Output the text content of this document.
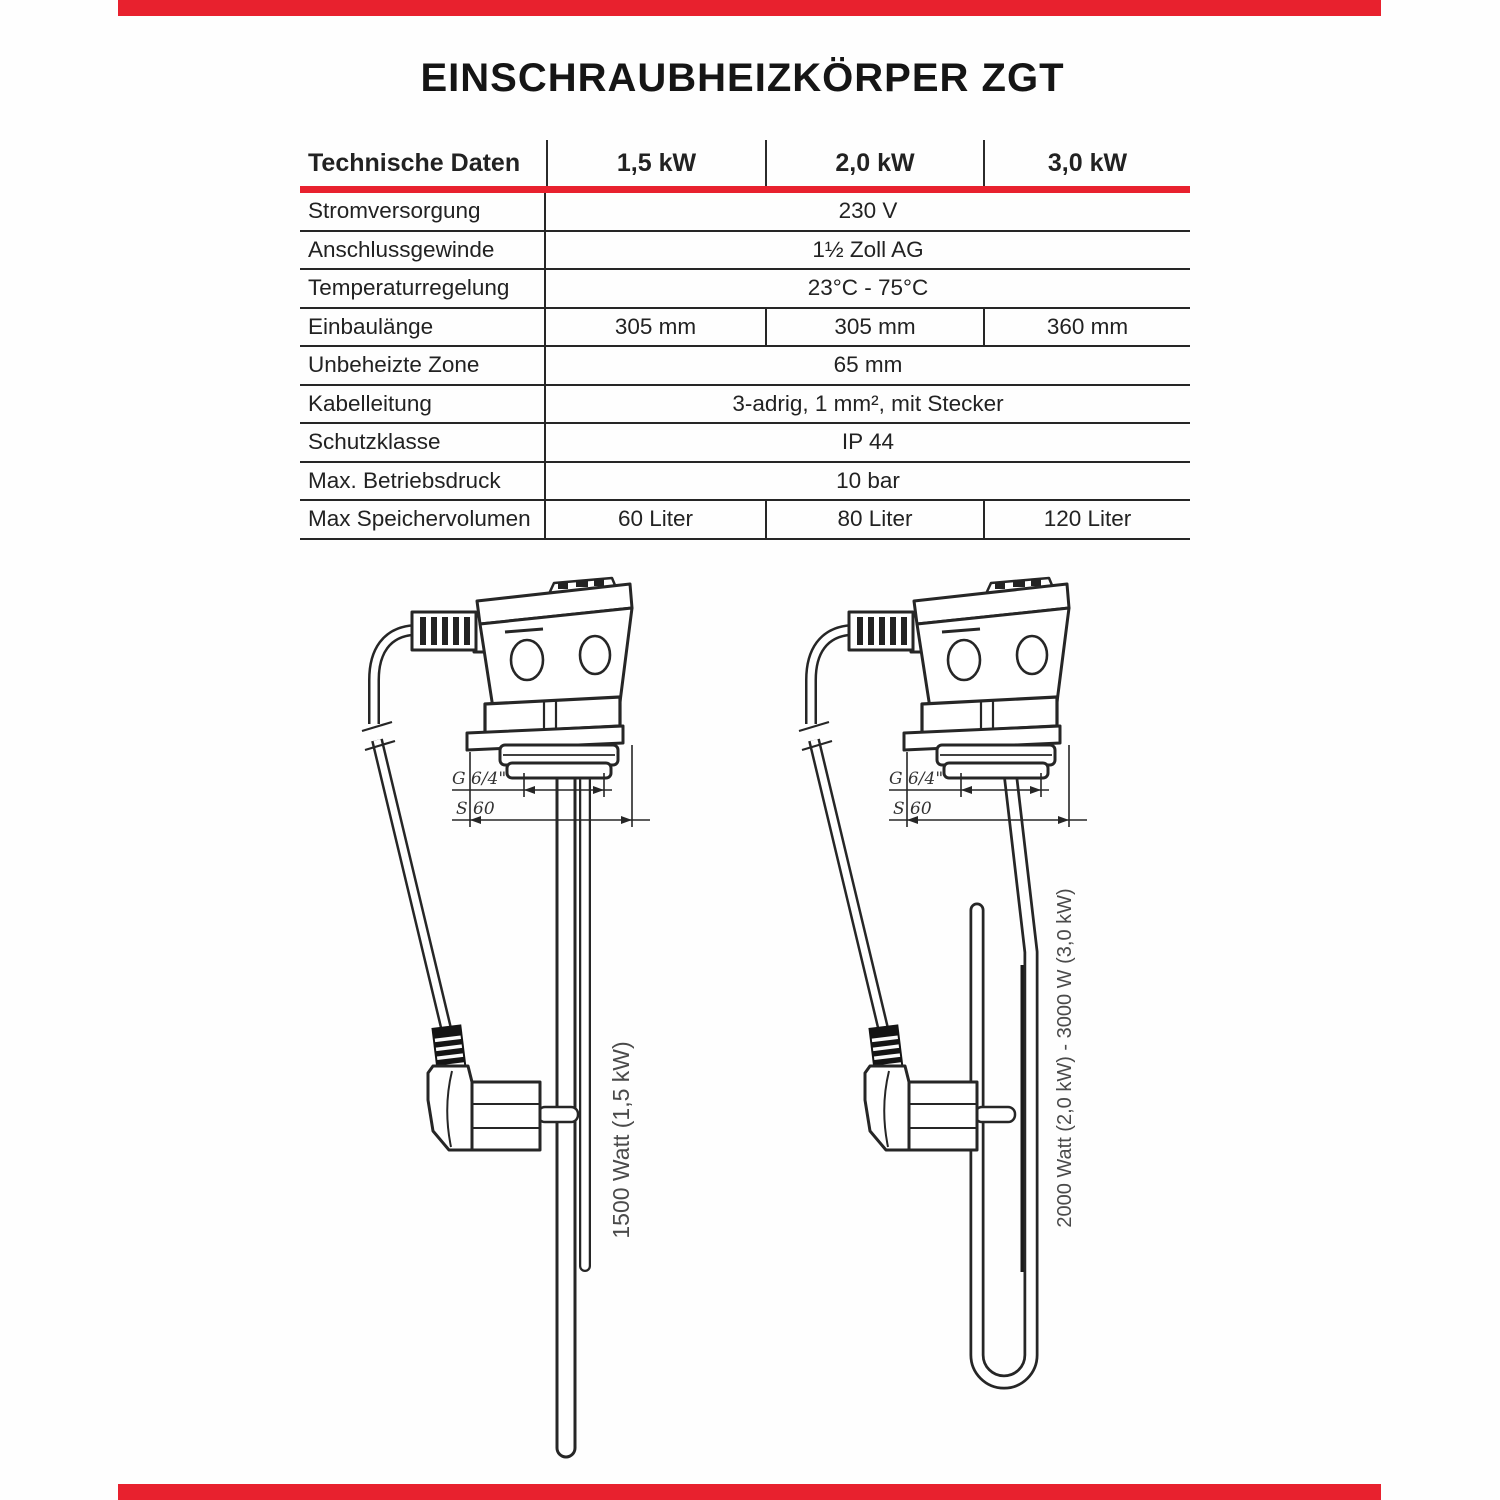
EINSCHRAUBHEIZKÖRPER ZGT
Technische Daten	1,5 kW	2,0 kW	3,0 kW
Stromversorgung	230 V
Anschlussgewinde	1½ Zoll AG
Temperaturregelung	23°C - 75°C
Einbaulänge	305 mm	305 mm	360 mm
Unbeheizte Zone	65 mm
Kabelleitung	3-adrig, 1 mm², mit Stecker
Schutzklasse	IP 44
Max. Betriebsdruck	10 bar
Max Speichervolumen	60 Liter	80 Liter	120 Liter
G 6/4"
S 60
1500 Watt (1,5 kW)	2000 Watt (2,0 kW) - 3000 W (3,0 kW)
